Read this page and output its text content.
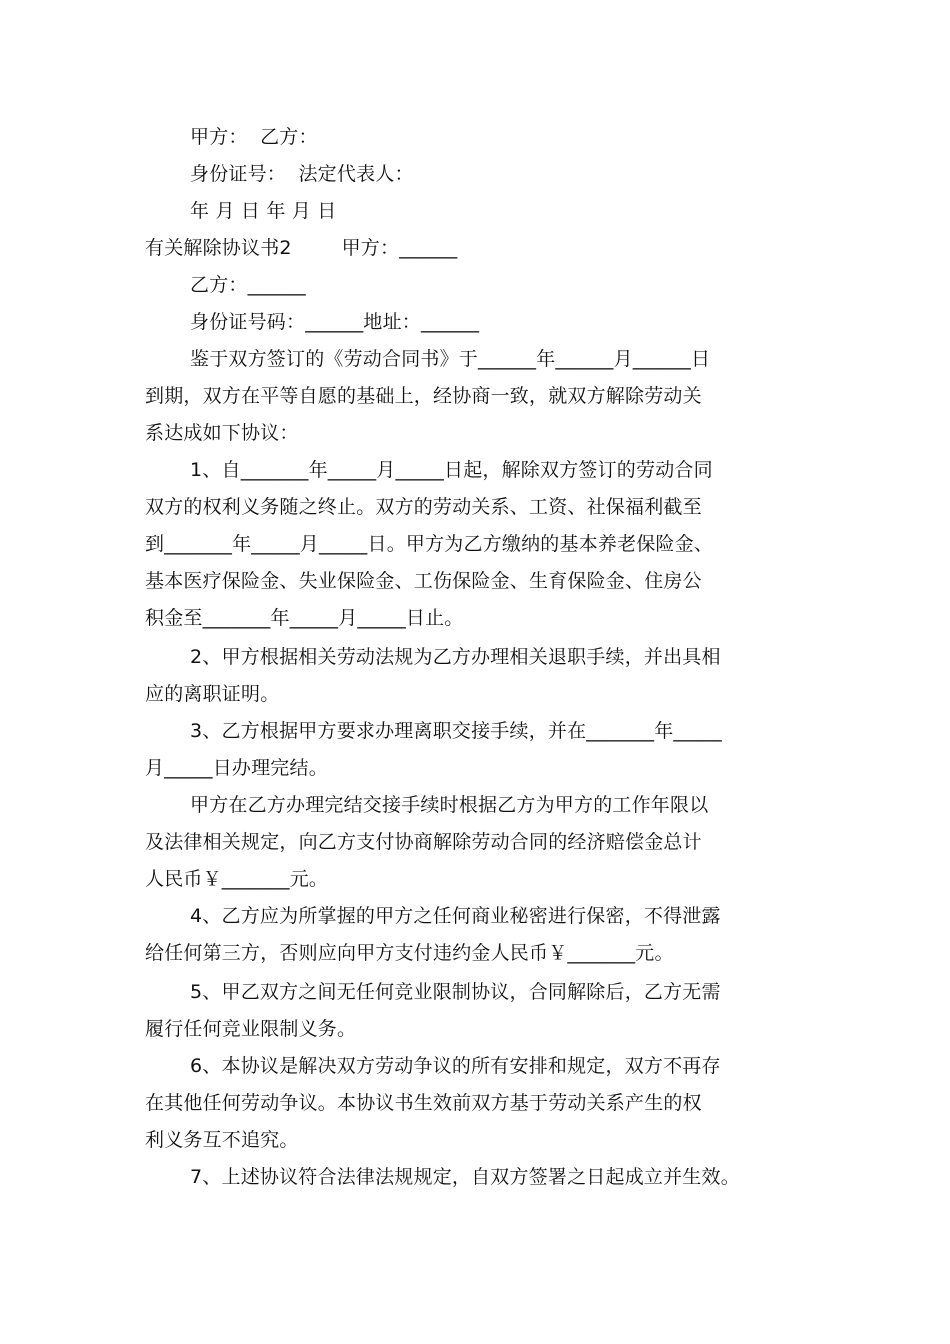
甲方：  乙方：
身份证号：  法定代表人：
年 月 日 年 月 日
有关解除协议书2        甲方：______
乙方：______
身份证号码：______地址：______
鉴于双方签订的《劳动合同书》于______年______月______日
到期，双方在平等自愿的基础上，经协商一致，就双方解除劳动关
系达成如下协议：
1、自_______年_____月_____日起，解除双方签订的劳动合同
双方的权利义务随之终止。双方的劳动关系、工资、社保福利截至
到_______年_____月_____日。甲方为乙方缴纳的基本养老保险金、
基本医疗保险金、失业保险金、工伤保险金、生育保险金、住房公
积金至_______年_____月_____日止。
2、甲方根据相关劳动法规为乙方办理相关退职手续，并出具相
应的离职证明。
3、乙方根据甲方要求办理离职交接手续，并在_______年_____
月_____日办理完结。
甲方在乙方办理完结交接手续时根据乙方为甲方的工作年限以
及法律相关规定，向乙方支付协商解除劳动合同的经济赔偿金总计
人民币￥_______元。
4、乙方应为所掌握的甲方之任何商业秘密进行保密，不得泄露
给任何第三方，否则应向甲方支付违约金人民币￥_______元。
5、甲乙双方之间无任何竞业限制协议，合同解除后，乙方无需
履行任何竞业限制义务。
6、本协议是解决双方劳动争议的所有安排和规定，双方不再存
在其他任何劳动争议。本协议书生效前双方基于劳动关系产生的权
利义务互不追究。
7、上述协议符合法律法规规定，自双方签署之日起成立并生效。
